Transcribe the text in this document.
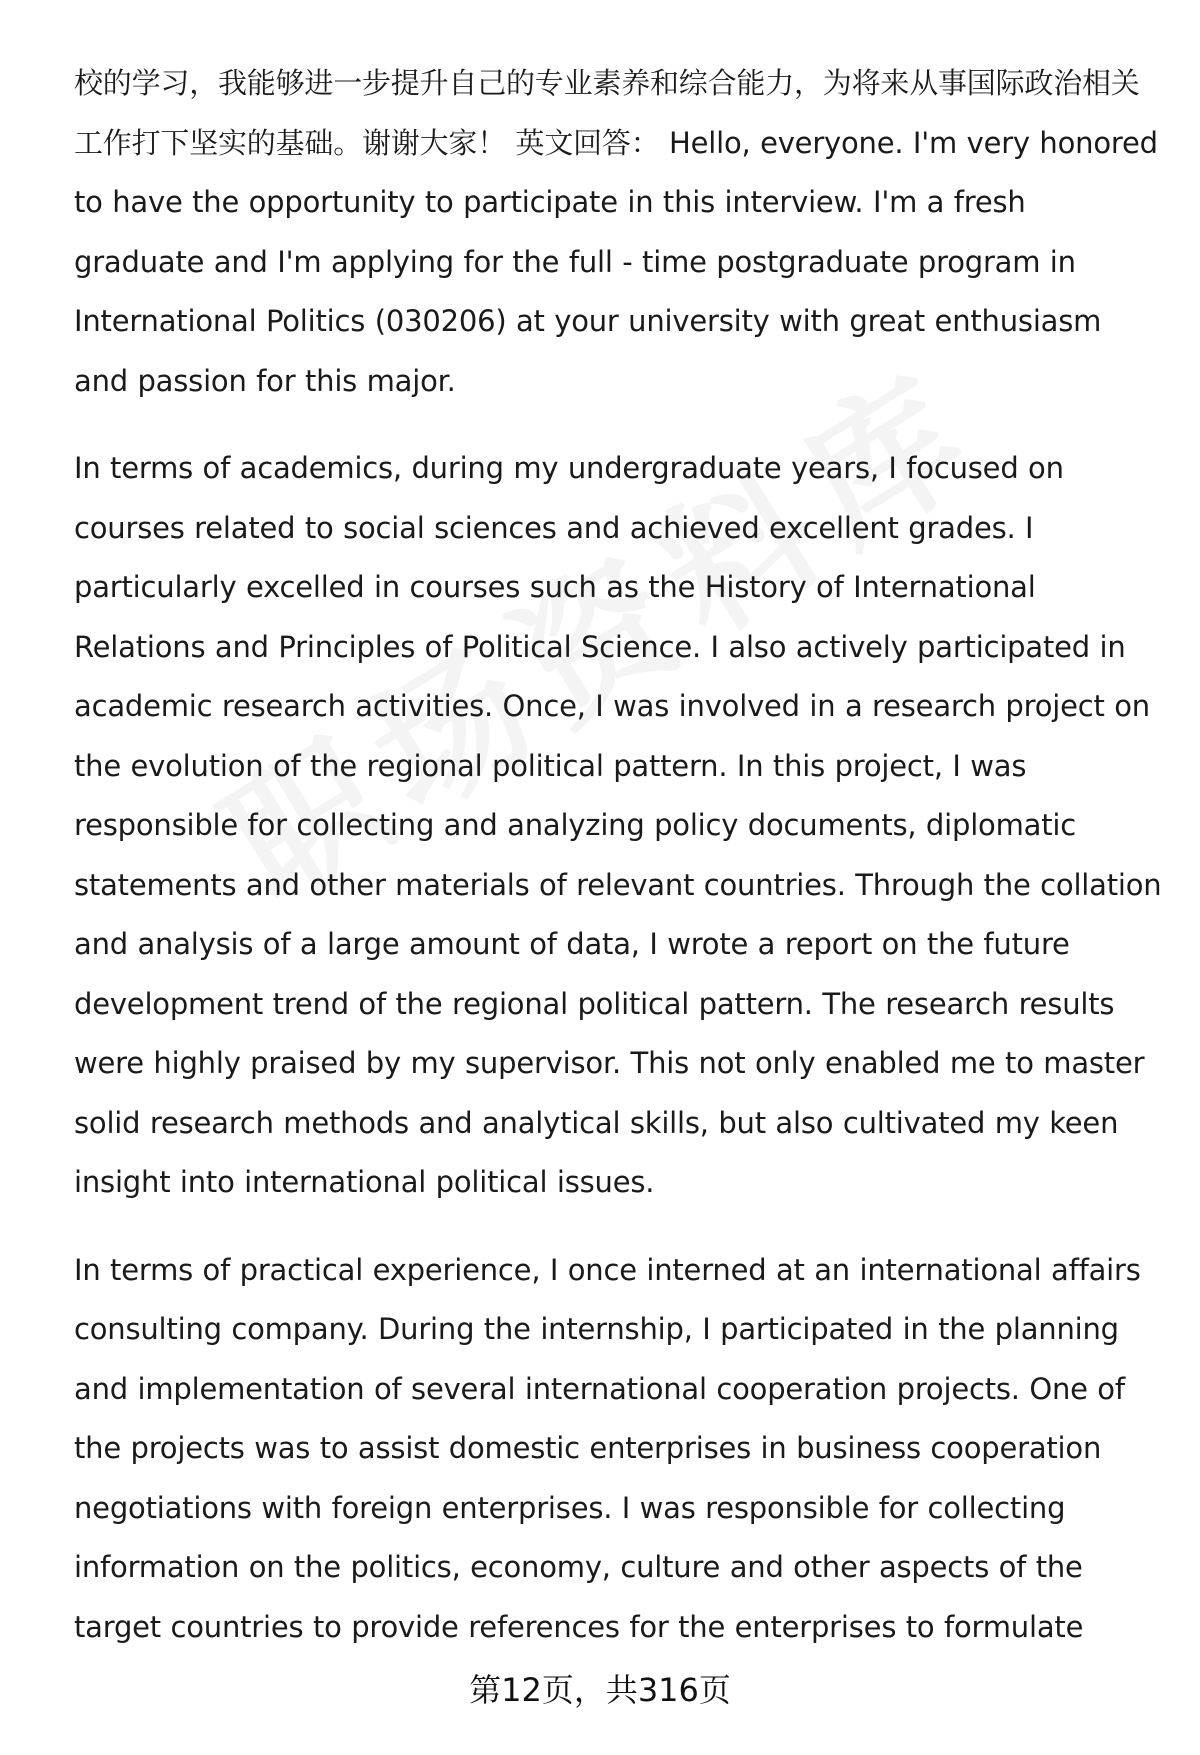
校的学习，我能够进一步提升自己的专业素养和综合能力，为将来从事国际政治相关工作打下坚实的基础。谢谢大家！ 英文回答： Hello, everyone. I'm very honored to have the opportunity to participate in this interview. I'm a fresh graduate and I'm applying for the full - time postgraduate program in International Politics (030206) at your university with great enthusiasm and passion for this major.

In terms of academics, during my undergraduate years, I focused on courses related to social sciences and achieved excellent grades. I particularly excelled in courses such as the History of International Relations and Principles of Political Science. I also actively participated in academic research activities. Once, I was involved in a research project on the evolution of the regional political pattern. In this project, I was responsible for collecting and analyzing policy documents, diplomatic statements and other materials of relevant countries. Through the collation and analysis of a large amount of data, I wrote a report on the future development trend of the regional political pattern. The research results were highly praised by my supervisor. This not only enabled me to master solid research methods and analytical skills, but also cultivated my keen insight into international political issues.

In terms of practical experience, I once interned at an international affairs consulting company. During the internship, I participated in the planning and implementation of several international cooperation projects. One of the projects was to assist domestic enterprises in business cooperation negotiations with foreign enterprises. I was responsible for collecting information on the politics, economy, culture and other aspects of the target countries to provide references for the enterprises to formulate

第12页，共316页
